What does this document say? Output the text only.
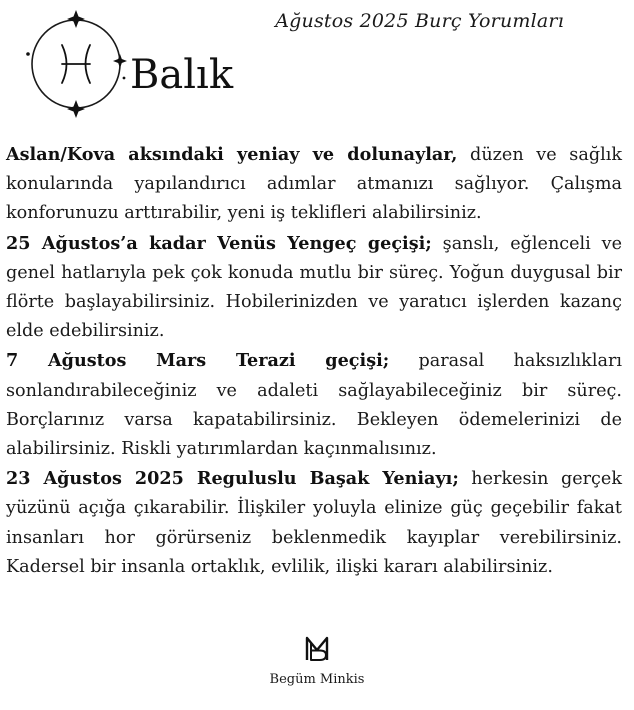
Ağustos 2025 Burç Yorumları
Balık

Aslan/Kova aksındaki yeniay ve dolunaylar, düzen ve sağlık konularında yapılandırıcı adımlar atmanızı sağlıyor. Çalışma konforunuzu arttırabilir, yeni iş teklifleri alabilirsiniz.

25 Ağustos’a kadar Venüs Yengeç geçişi; şanslı, eğlenceli ve genel hatlarıyla pek çok konuda mutlu bir süreç. Yoğun duygusal bir flörte başlayabilirsiniz. Hobilerinizden ve yaratıcı işlerden kazanç elde edebilirsiniz.

7 Ağustos Mars Terazi geçişi; parasal haksızlıkları sonlandırabileceğiniz ve adaleti sağlayabileceğiniz bir süreç. Borçlarınız varsa kapatabilirsiniz. Bekleyen ödemelerinizi de alabilirsiniz. Riskli yatırımlardan kaçınmalısınız.

23 Ağustos 2025 Reguluslu Başak Yeniayı; herkesin gerçek yüzünü açığa çıkarabilir. İlişkiler yoluyla elinize güç geçebilir fakat insanları hor görürseniz beklenmedik kayıplar verebilirsiniz. Kadersel bir insanla ortaklık, evlilik, ilişki kararı alabilirsiniz.

Begüm Minkis
